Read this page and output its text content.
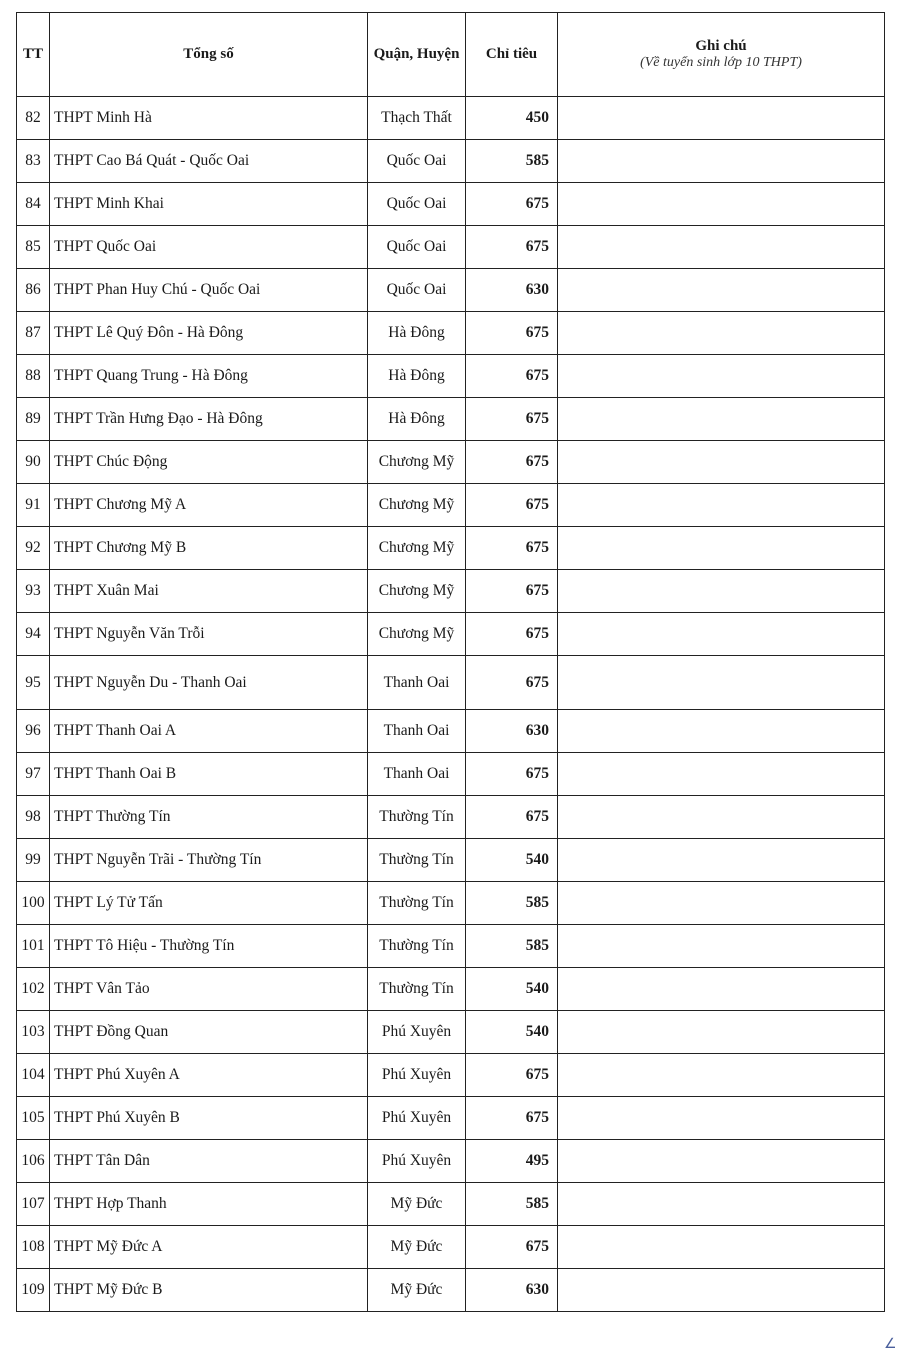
TT	Tổng số	Quận, Huyện	Chỉ tiêu	Ghi chú
(Về tuyển sinh lớp 10 THPT)

82	THPT Minh Hà	Thạch Thất	450	
83	THPT Cao Bá Quát - Quốc Oai	Quốc Oai	585	
84	THPT Minh Khai	Quốc Oai	675	
85	THPT Quốc Oai	Quốc Oai	675	
86	THPT Phan Huy Chú - Quốc Oai	Quốc Oai	630	
87	THPT Lê Quý Đôn - Hà Đông	Hà Đông	675	
88	THPT Quang Trung - Hà Đông	Hà Đông	675	
89	THPT Trần Hưng Đạo - Hà Đông	Hà Đông	675	
90	THPT Chúc Động	Chương Mỹ	675	
91	THPT Chương Mỹ A	Chương Mỹ	675	
92	THPT Chương Mỹ B	Chương Mỹ	675	
93	THPT Xuân Mai	Chương Mỹ	675	
94	THPT Nguyễn Văn Trỗi	Chương Mỹ	675	
95	THPT Nguyễn Du - Thanh Oai	Thanh Oai	675	
96	THPT Thanh Oai A	Thanh Oai	630	
97	THPT Thanh Oai B	Thanh Oai	675	
98	THPT Thường Tín	Thường Tín	675	
99	THPT Nguyễn Trãi - Thường Tín	Thường Tín	540	
100	THPT Lý Tử Tấn	Thường Tín	585	
101	THPT Tô Hiệu - Thường Tín	Thường Tín	585	
102	THPT Vân Tảo	Thường Tín	540	
103	THPT Đồng Quan	Phú Xuyên	540	
104	THPT Phú Xuyên A	Phú Xuyên	675	
105	THPT Phú Xuyên B	Phú Xuyên	675	
106	THPT Tân Dân	Phú Xuyên	495	
107	THPT Hợp Thanh	Mỹ Đức	585	
108	THPT Mỹ Đức A	Mỹ Đức	675	
109	THPT Mỹ Đức B	Mỹ Đức	630	
∠
